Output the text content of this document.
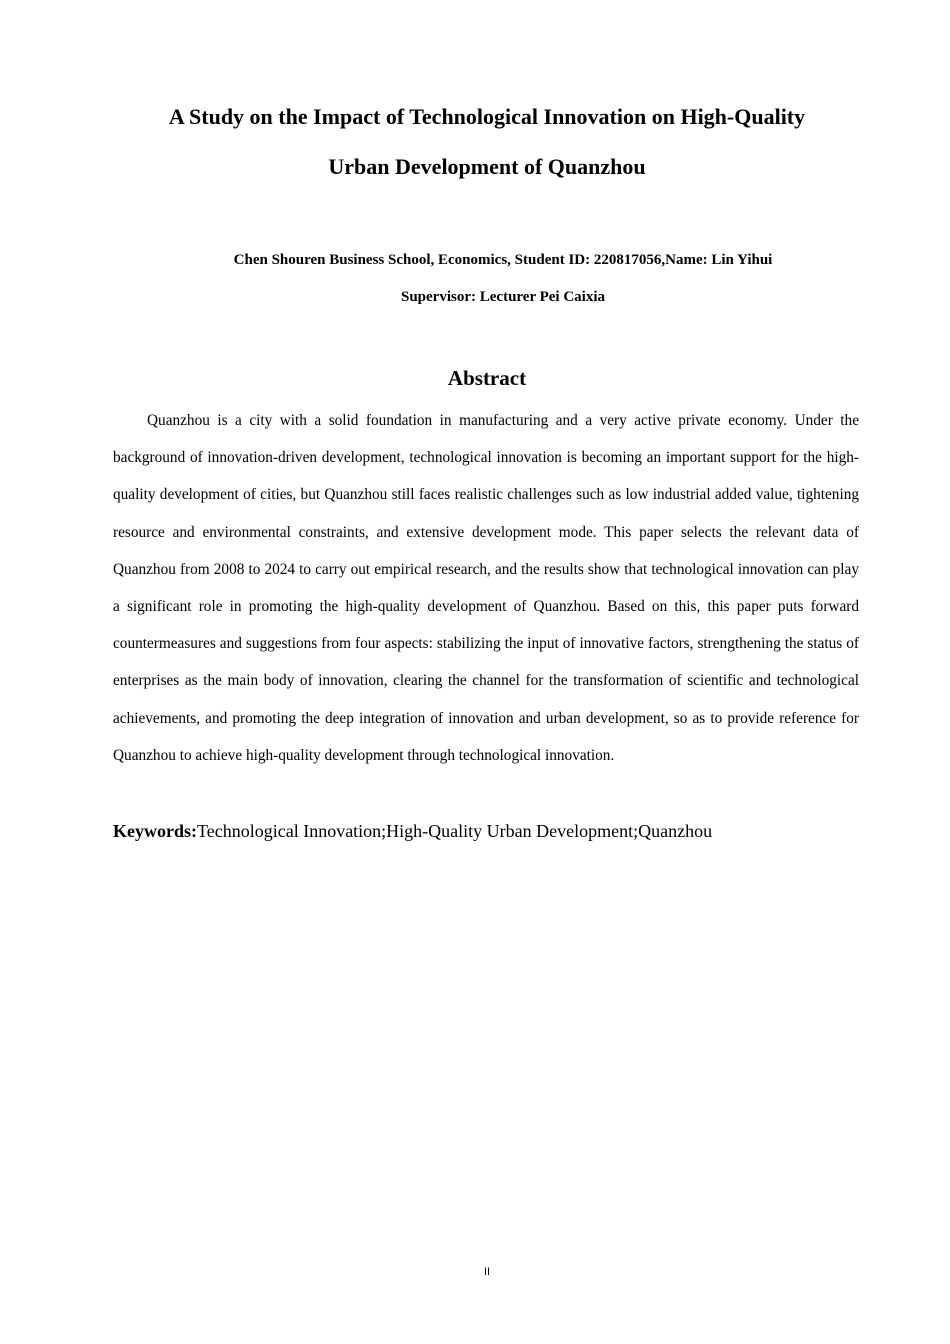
A Study on the Impact of Technological Innovation on High-Quality
Urban Development of Quanzhou
Chen Shouren Business School, Economics, Student ID: 220817056,Name: Lin Yihui
Supervisor: Lecturer Pei Caixia
Abstract

Quanzhou is a city with a solid foundation in manufacturing and a very active private economy. Under the background of innovation-driven development, technological innovation is becoming an important support for the high-quality development of cities, but Quanzhou still faces realistic challenges such as low industrial added value, tightening resource and environmental constraints, and extensive development mode. This paper selects the relevant data of Quanzhou from 2008 to 2024 to carry out empirical research, and the results show that technological innovation can play a significant role in promoting the high-quality development of Quanzhou. Based on this, this paper puts forward countermeasures and suggestions from four aspects: stabilizing the input of innovative factors, strengthening the status of enterprises as the main body of innovation, clearing the channel for the transformation of scientific and technological achievements, and promoting the deep integration of innovation and urban development, so as to provide reference for Quanzhou to achieve high-quality development through technological innovation.

Keywords:Technological Innovation;High-Quality Urban Development;Quanzhou
II
